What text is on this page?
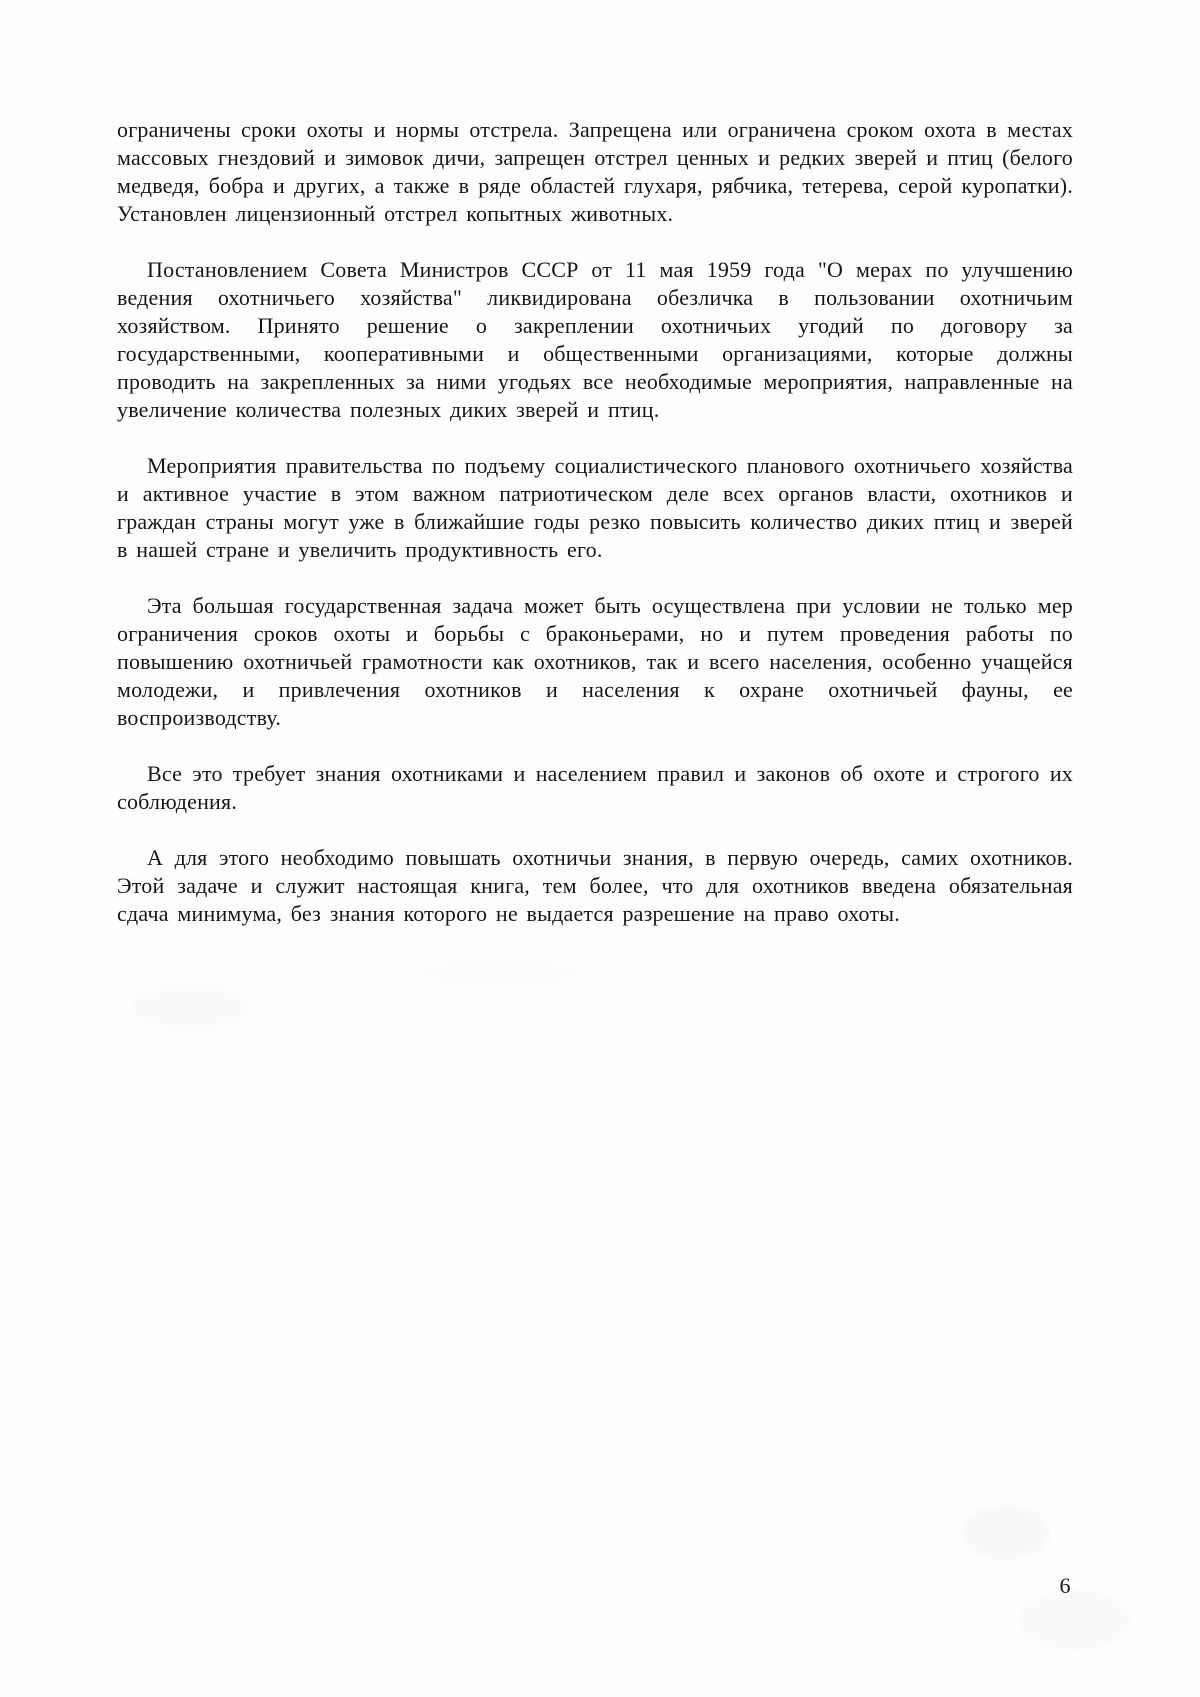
ограничены сроки охоты и нормы отстрела. Запрещена или ограничена сроком охота в местах массовых гнездовий и зимовок дичи, запрещен отстрел ценных и редких зверей и птиц (белого медведя, бобра и других, а также в ряде областей глухаря, рябчика, тетерева, серой куропатки). Установлен лицензионный отстрел копытных животных.

Постановлением Совета Министров СССР от 11 мая 1959 года "О мерах по улучшению ведения охотничьего хозяйства" ликвидирована обезличка в пользовании охотничьим хозяйством. Принято решение о закреплении охотничьих угодий по договору за государственными, кооперативными и общественными организациями, которые должны проводить на закрепленных за ними угодьях все необходимые мероприятия, направленные на увеличение количества полезных диких зверей и птиц.

Мероприятия правительства по подъему социалистического планового охотничьего хозяйства и активное участие в этом важном патриотическом деле всех органов власти, охотников и граждан страны могут уже в ближайшие годы резко повысить количество диких птиц и зверей в нашей стране и увеличить продуктивность его.

Эта большая государственная задача может быть осуществлена при условии не только мер ограничения сроков охоты и борьбы с браконьерами, но и путем проведения работы по повышению охотничьей грамотности как охотников, так и всего населения, особенно учащейся молодежи, и привлечения охотников и населения к охране охотничьей фауны, ее воспроизводству.

Все это требует знания охотниками и населением правил и законов об охоте и строгого их соблюдения.

А для этого необходимо повышать охотничьи знания, в первую очередь, самих охотников. Этой задаче и служит настоящая книга, тем более, что для охотников введена обязательная сдача минимума, без знания которого не выдается разрешение на право охоты.

6
